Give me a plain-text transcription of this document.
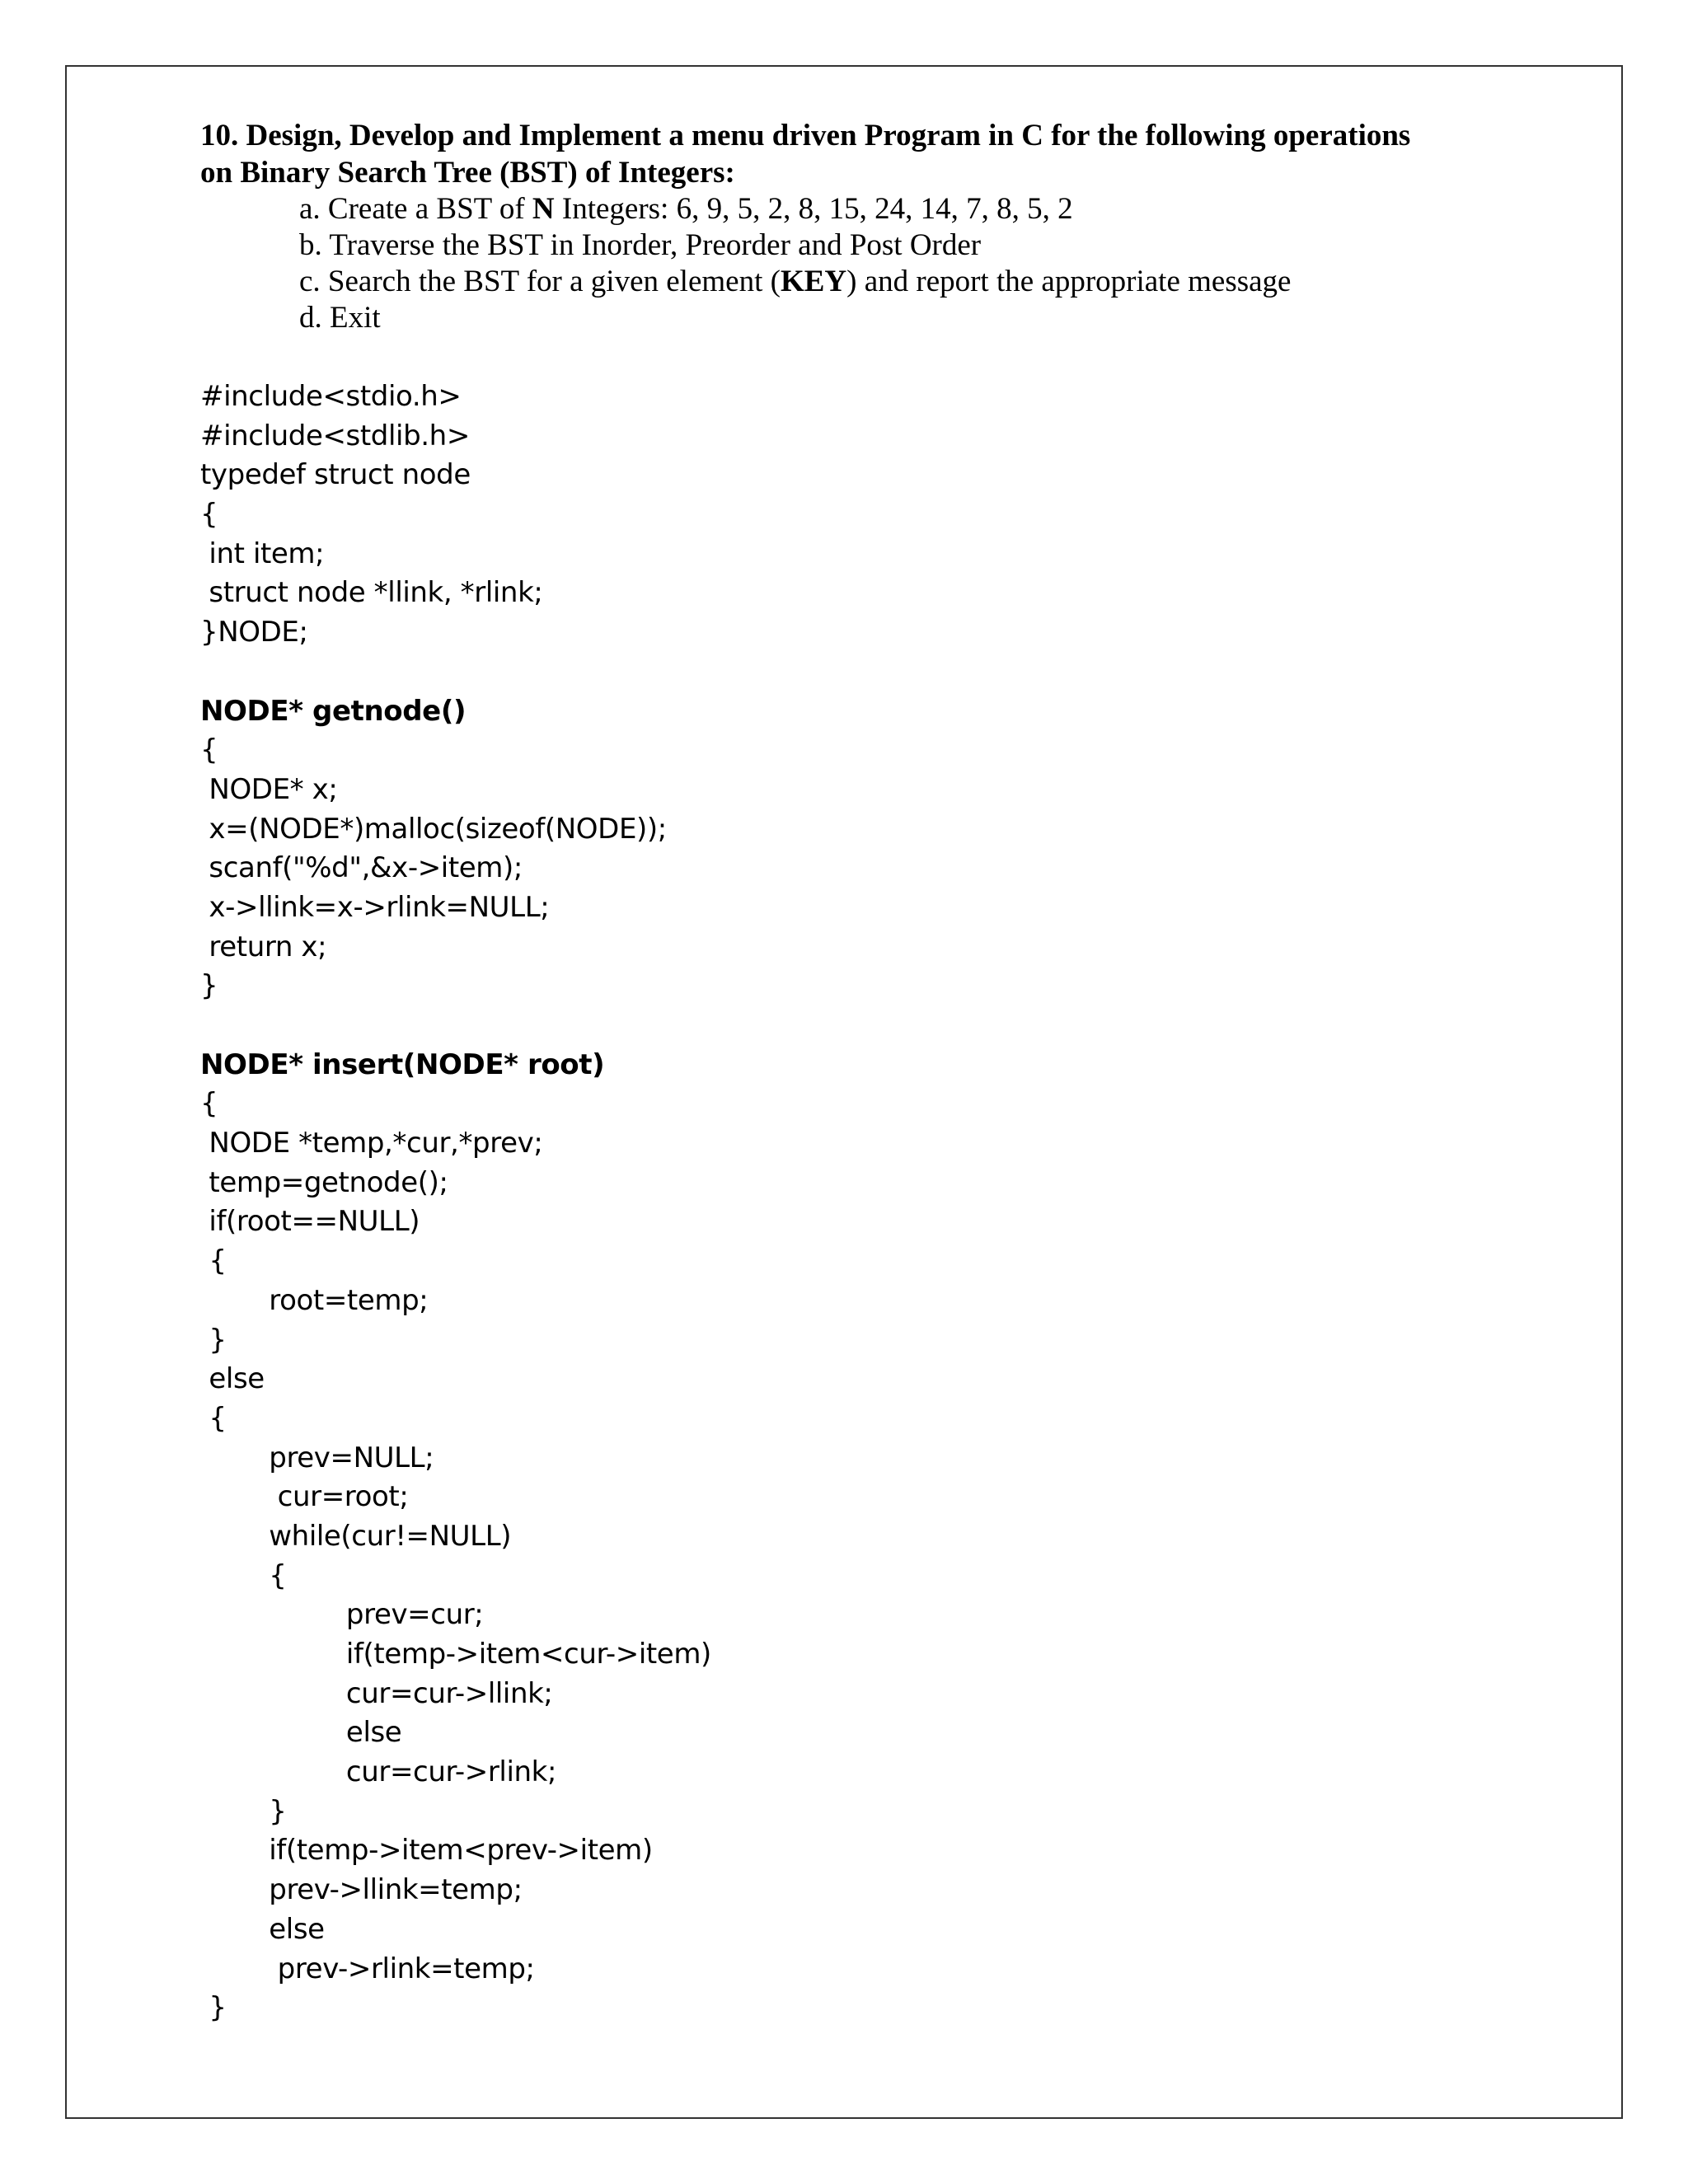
10. Design, Develop and Implement a menu driven Program in C for the following operations

on Binary Search Tree (BST) of Integers:

a. Create a BST of N Integers: 6, 9, 5, 2, 8, 15, 24, 14, 7, 8, 5, 2
b. Traverse the BST in Inorder, Preorder and Post Order
c. Search the BST for a given element (KEY) and report the appropriate message
d. Exit
#include<stdio.h>
#include<stdlib.h>
typedef struct node
{
int item;
struct node *llink, *rlink;
}NODE;
NODE* getnode()
{
NODE* x;
x=(NODE*)malloc(sizeof(NODE));
scanf("%d",&x->item);
x->llink=x->rlink=NULL;
return x;
}
NODE* insert(NODE* root)
{
NODE *temp,*cur,*prev;
temp=getnode();
if(root==NULL)
{
root=temp;
}
else
{
prev=NULL;
cur=root;
while(cur!=NULL)
{
prev=cur;
if(temp->item<cur->item)
cur=cur->llink;
else
cur=cur->rlink;
}
if(temp->item<prev->item)
prev->llink=temp;
else
prev->rlink=temp;
}
